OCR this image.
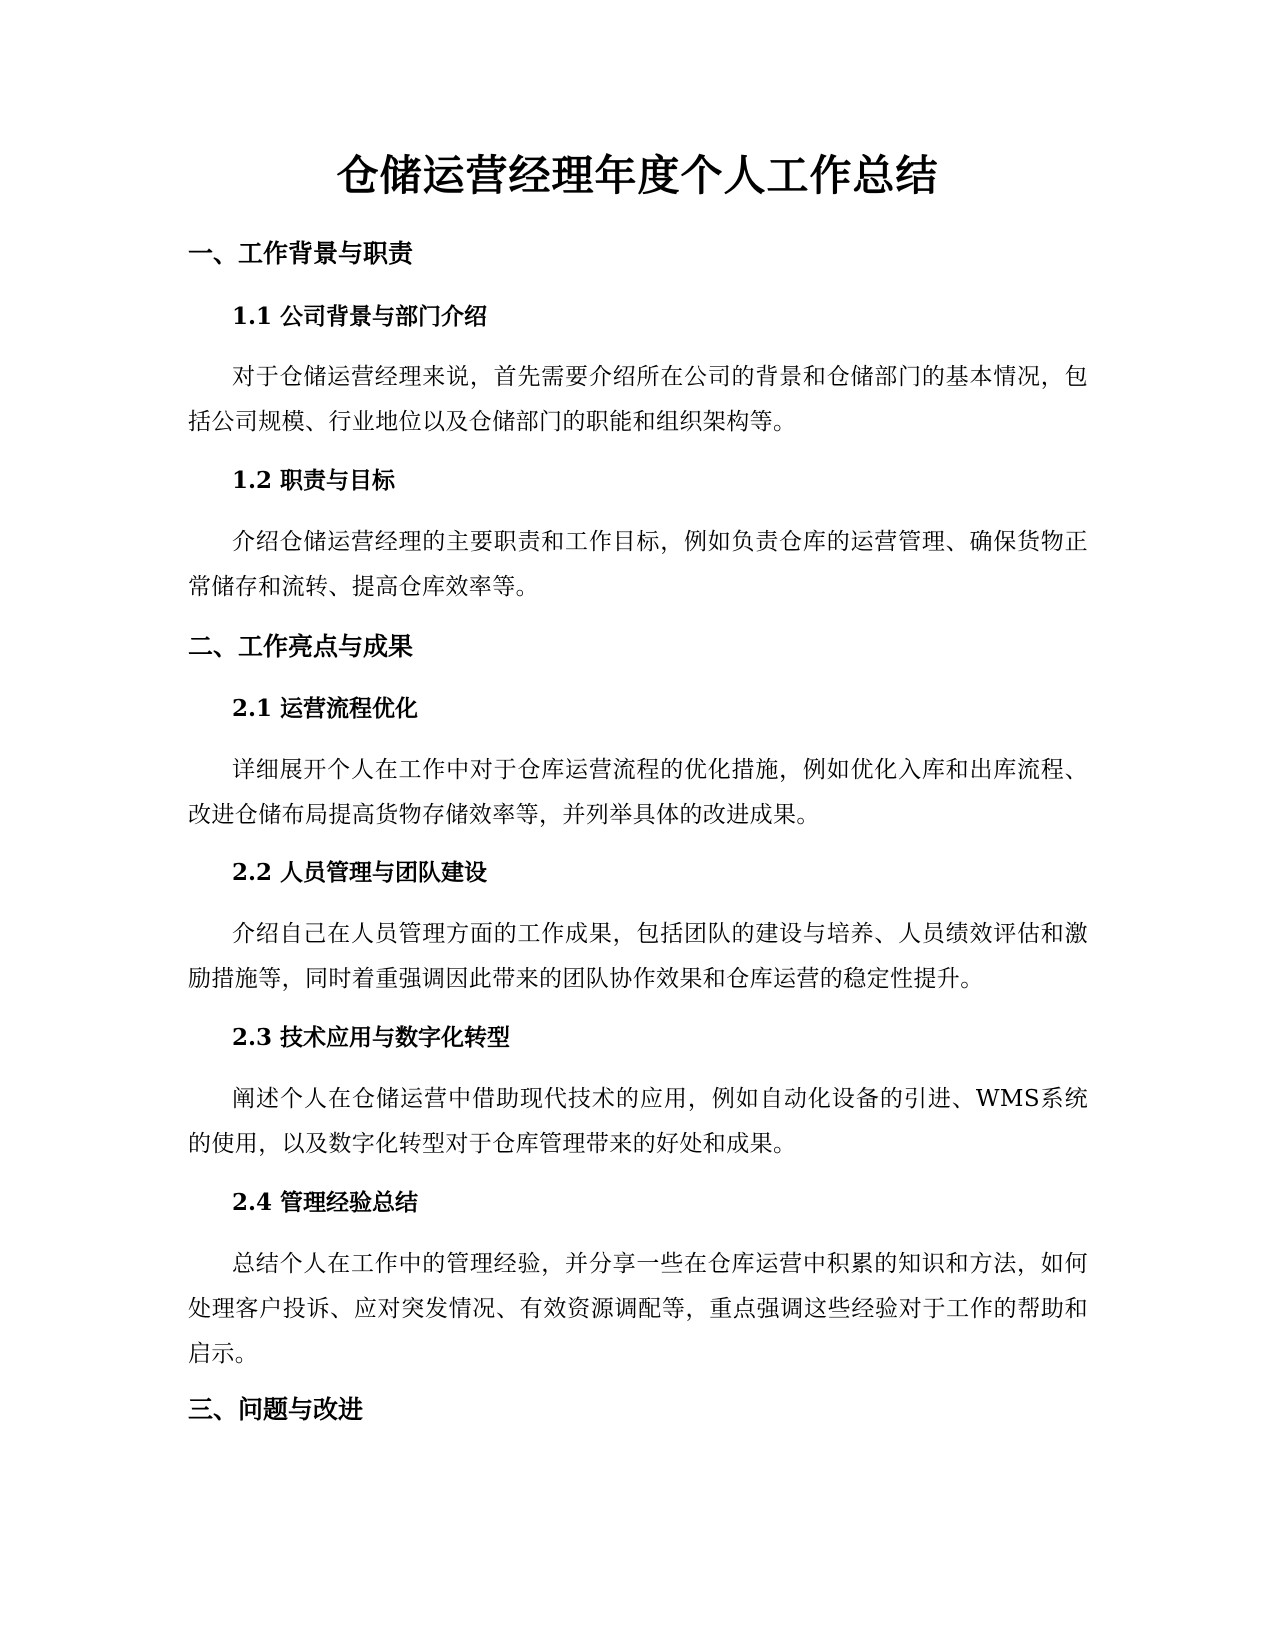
仓储运营经理年度个人工作总结
一、工作背景与职责
1.1 公司背景与部门介绍

对于仓储运营经理来说，首先需要介绍所在公司的背景和仓储部门的基本情况，包括公司规模、行业地位以及仓储部门的职能和组织架构等。

1.2 职责与目标

介绍仓储运营经理的主要职责和工作目标，例如负责仓库的运营管理、确保货物正常储存和流转、提高仓库效率等。

二、工作亮点与成果
2.1 运营流程优化

详细展开个人在工作中对于仓库运营流程的优化措施，例如优化入库和出库流程、改进仓储布局提高货物存储效率等，并列举具体的改进成果。

2.2 人员管理与团队建设

介绍自己在人员管理方面的工作成果，包括团队的建设与培养、人员绩效评估和激励措施等，同时着重强调因此带来的团队协作效果和仓库运营的稳定性提升。

2.3 技术应用与数字化转型

阐述个人在仓储运营中借助现代技术的应用，例如自动化设备的引进、WMS系统的使用，以及数字化转型对于仓库管理带来的好处和成果。

2.4 管理经验总结

总结个人在工作中的管理经验，并分享一些在仓库运营中积累的知识和方法，如何处理客户投诉、应对突发情况、有效资源调配等，重点强调这些经验对于工作的帮助和启示。

三、问题与改进
